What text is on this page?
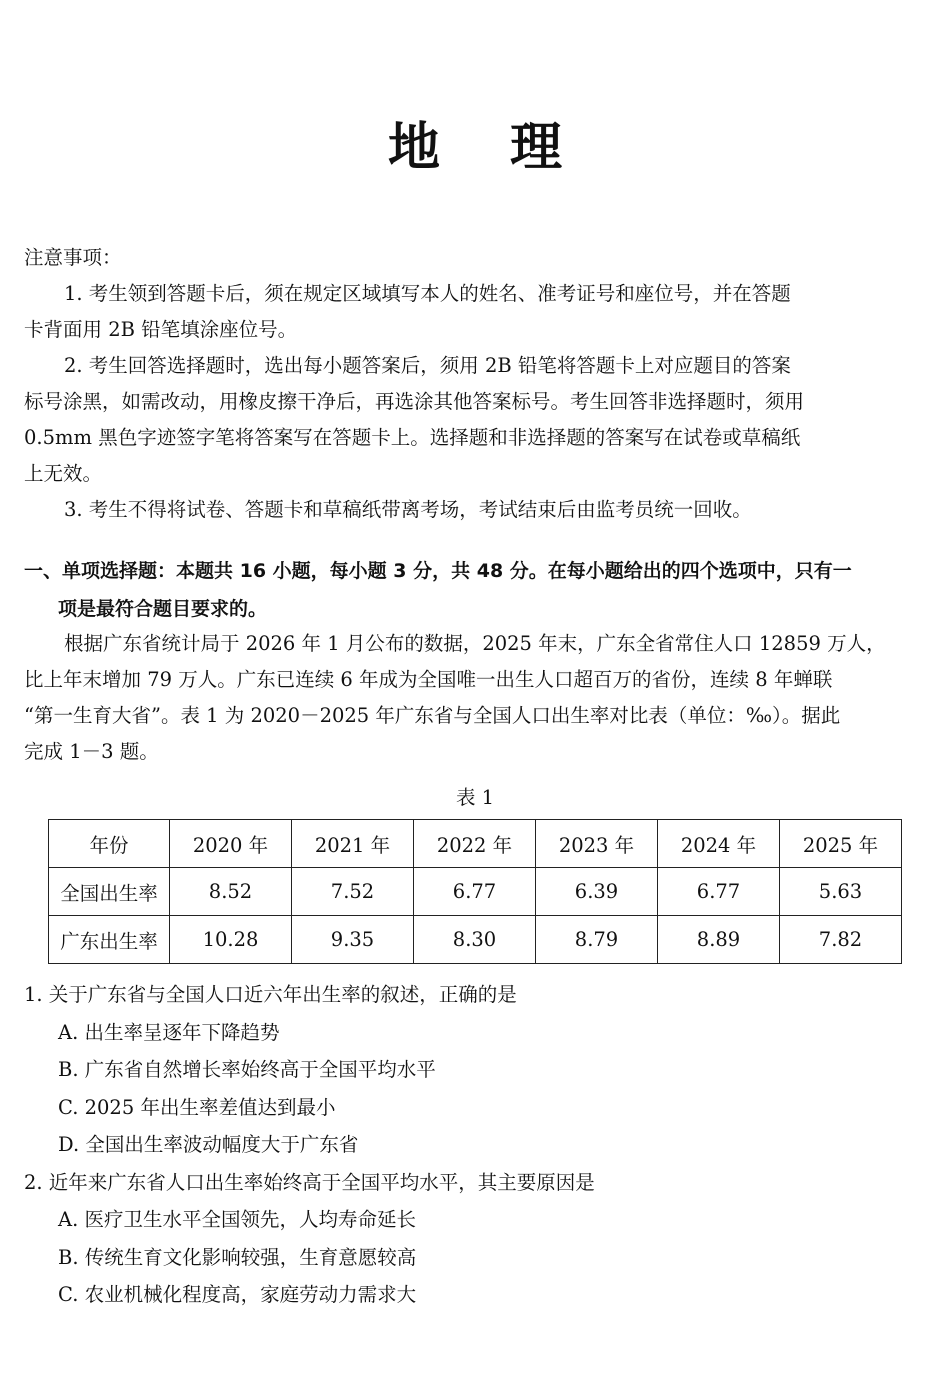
地 理
注意事项：
1. 考生领到答题卡后，须在规定区域填写本人的姓名、准考证号和座位号，并在答题
卡背面用 2B 铅笔填涂座位号。
2. 考生回答选择题时，选出每小题答案后，须用 2B 铅笔将答题卡上对应题目的答案
标号涂黑，如需改动，用橡皮擦干净后，再选涂其他答案标号。考生回答非选择题时，须用
0.5mm 黑色字迹签字笔将答案写在答题卡上。选择题和非选择题的答案写在试卷或草稿纸
上无效。
3. 考生不得将试卷、答题卡和草稿纸带离考场，考试结束后由监考员统一回收。
一、单项选择题：本题共 16 小题，每小题 3 分，共 48 分。在每小题给出的四个选项中，只有一
项是最符合题目要求的。
根据广东省统计局于 2026 年 1 月公布的数据，2025 年末，广东全省常住人口 12859 万人，
比上年末增加 79 万人。广东已连续 6 年成为全国唯一出生人口超百万的省份，连续 8 年蝉联
“第一生育大省”。表 1 为 2020－2025 年广东省与全国人口出生率对比表（单位：‰）。据此
完成 1－3 题。
表 1
年份	2020 年	2021 年	2022 年	2023 年	2024 年	2025 年
全国出生率	8.52	7.52	6.77	6.39	6.77	5.63
广东出生率	10.28	9.35	8.30	8.79	8.89	7.82
1. 关于广东省与全国人口近六年出生率的叙述，正确的是
A. 出生率呈逐年下降趋势
B. 广东省自然增长率始终高于全国平均水平
C. 2025 年出生率差值达到最小
D. 全国出生率波动幅度大于广东省
2. 近年来广东省人口出生率始终高于全国平均水平，其主要原因是
A. 医疗卫生水平全国领先，人均寿命延长
B. 传统生育文化影响较强，生育意愿较高
C. 农业机械化程度高，家庭劳动力需求大
